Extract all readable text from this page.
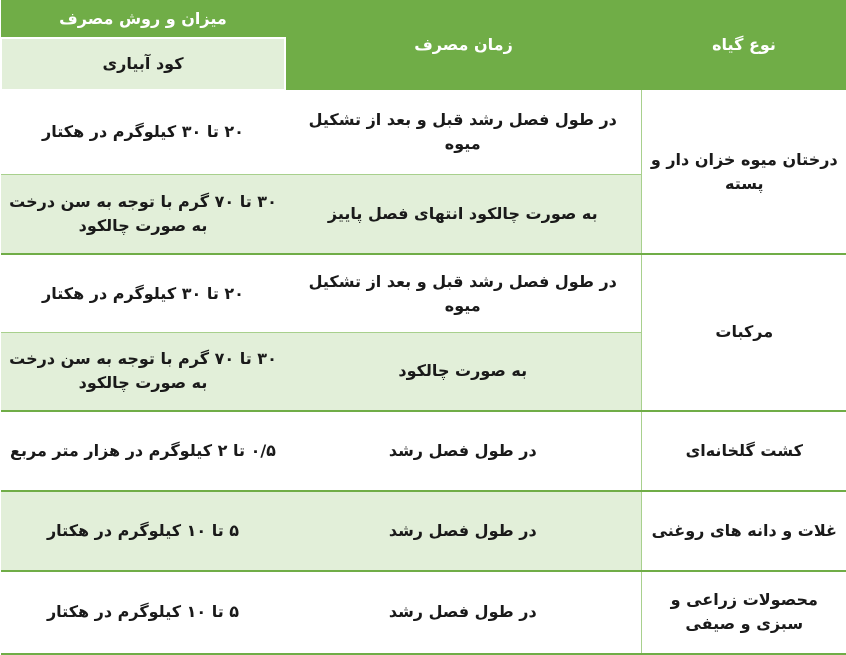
نوع گیاه	زمان مصرف	میزان و روش مصرف
		کود آبیاری
درختان میوه خزان دار و پسته	در طول فصل رشد قبل و بعد از تشکیل میوه	۲۰ تا ۳۰ کیلوگرم در هکتار
	به صورت چالکود انتهای فصل پاییز	۳۰ تا ۷۰ گرم با توجه به سن درخت به صورت چالکود
مرکبات	در طول فصل رشد قبل و بعد از تشکیل میوه	۲۰ تا ۳۰ کیلوگرم در هکتار
	به صورت چالکود	۳۰ تا ۷۰ گرم با توجه به سن درخت به صورت چالکود
کشت گلخانه‌ای	در طول فصل رشد	۰/۵ تا ۲ کیلوگرم در هزار متر مربع
غلات و دانه های روغنی	در طول فصل رشد	۵ تا ۱۰ کیلوگرم در هکتار
محصولات زراعی و سبزی و صیفی	در طول فصل رشد	۵ تا ۱۰ کیلوگرم در هکتار
